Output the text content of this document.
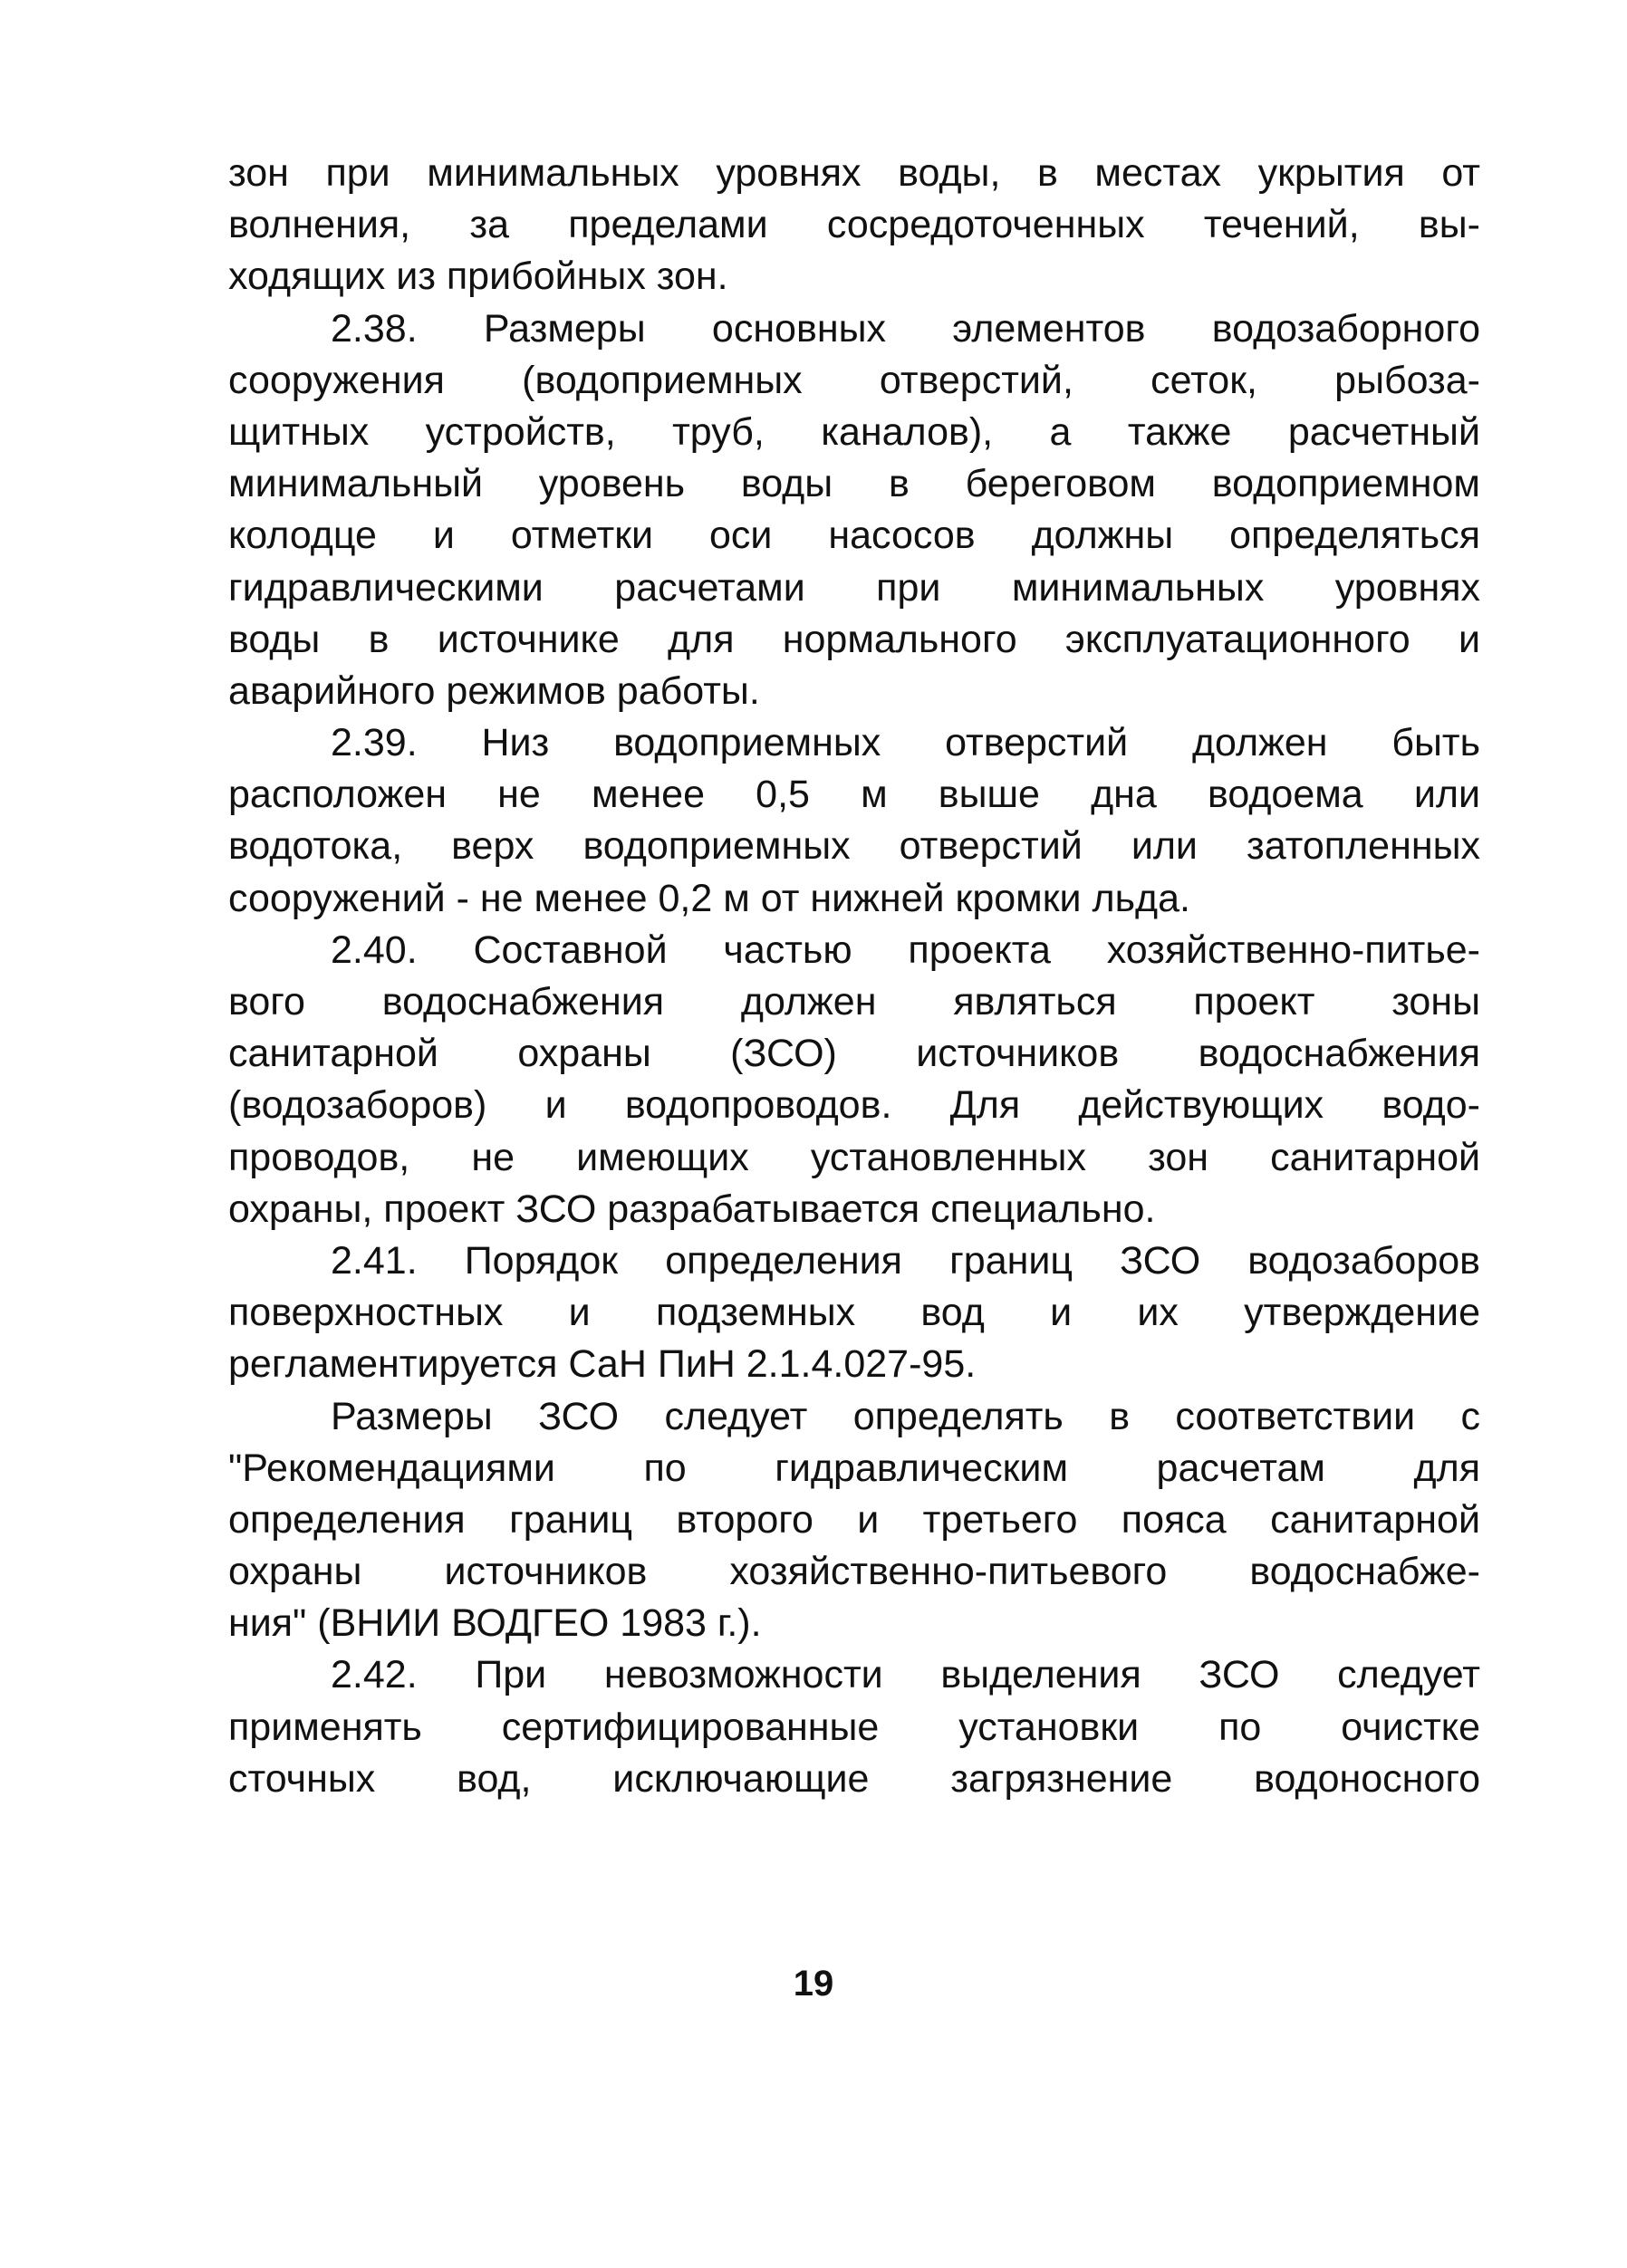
зон при минимальных уровнях воды, в местах укрытия от
волнения, за пределами сосредоточенных течений, вы-
ходящих из прибойных зон.
2.38. Размеры основных элементов водозаборного
сооружения (водоприемных отверстий, сеток, рыбоза-
щитных устройств, труб, каналов), а также расчетный
минимальный уровень воды в береговом водоприемном
колодце и отметки оси насосов должны определяться
гидравлическими расчетами при минимальных уровнях
воды в источнике для нормального эксплуатационного и
аварийного режимов работы.
2.39. Низ водоприемных отверстий должен быть
расположен не менее 0,5 м выше дна водоема или
водотока, верх водоприемных отверстий или затопленных
сооружений - не менее 0,2 м от нижней кромки льда.
2.40. Составной частью проекта хозяйственно-питье-
вого водоснабжения должен являться проект зоны
санитарной охраны (ЗСО) источников водоснабжения
(водозаборов) и водопроводов. Для действующих водо-
проводов, не имеющих установленных зон санитарной
охраны, проект ЗСО разрабатывается специально.
2.41. Порядок определения границ ЗСО водозаборов
поверхностных и подземных вод и их утверждение
регламентируется СаН ПиН 2.1.4.027-95.
Размеры ЗСО следует определять в соответствии с
"Рекомендациями по гидравлическим расчетам для
определения границ второго и третьего пояса санитарной
охраны источников хозяйственно-питьевого водоснабже-
ния" (ВНИИ ВОДГЕО 1983 г.).
2.42. При невозможности выделения ЗСО следует
применять сертифицированные установки по очистке
сточных вод, исключающие загрязнение водоносного
19
